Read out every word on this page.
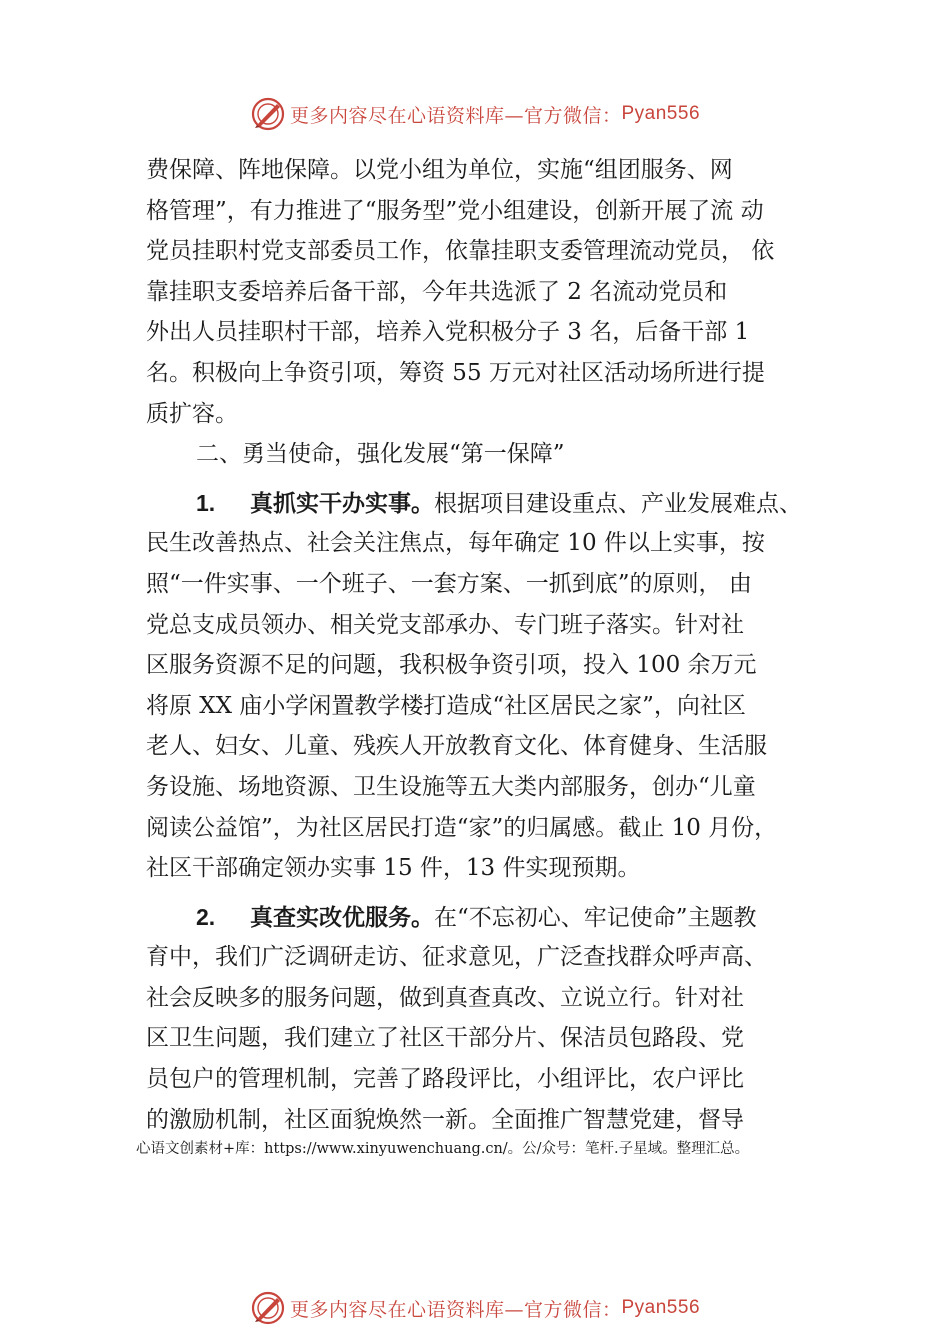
更多内容尽在心语资料库—官方微信： Pyan556
费保障、阵地保障。以党小组为单位，实施“组团服务、网
格管理”，有力推进了“服务型”党小组建设，创新开展了流 动
党员挂职村党支部委员工作，依靠挂职支委管理流动党员， 依
靠挂职支委培养后备干部，今年共选派了 2 名流动党员和
外出人员挂职村干部，培养入党积极分子 3 名，后备干部 1
名。积极向上争资引项，筹资 55 万元对社区活动场所进行提
质扩容。
二、勇当使命，强化发展“第一保障”
1. 真抓实干办实事。根据项目建设重点、产业发展难点、
民生改善热点、社会关注焦点，每年确定 10 件以上实事，按
照“一件实事、一个班子、一套方案、一抓到底”的原则， 由
党总支成员领办、相关党支部承办、专门班子落实。针对社
区服务资源不足的问题，我积极争资引项，投入 100 余万元
将原 XX 庙小学闲置教学楼打造成“社区居民之家”，向社区
老人、妇女、儿童、残疾人开放教育文化、体育健身、生活服
务设施、场地资源、卫生设施等五大类内部服务，创办“儿童
阅读公益馆”，为社区居民打造“家”的归属感。截止 10 月份，
社区干部确定领办实事 15 件，13 件实现预期。
2. 真查实改优服务。在“不忘初心、牢记使命”主题教
育中，我们广泛调研走访、征求意见，广泛查找群众呼声高、
社会反映多的服务问题，做到真查真改、立说立行。针对社
区卫生问题，我们建立了社区干部分片、保洁员包路段、党
员包户的管理机制，完善了路段评比，小组评比，农户评比
的激励机制，社区面貌焕然一新。全面推广智慧党建，督导
心语文创素材+库：https://www.xinyuwenchuang.cn/。公/众号：笔杆.子星域。整理汇总。
更多内容尽在心语资料库—官方微信： Pyan556
